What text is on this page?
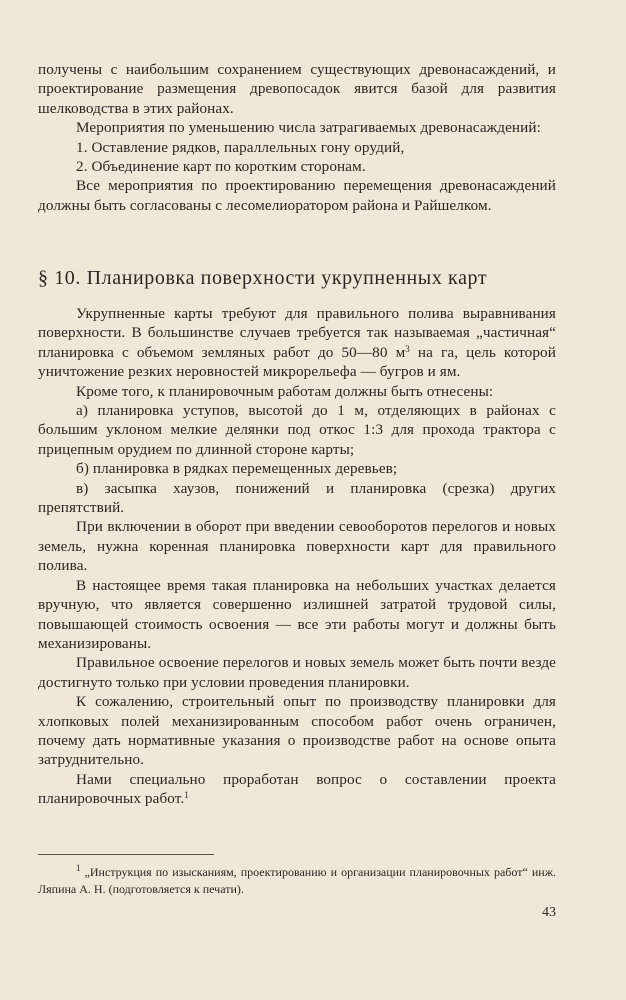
получены с наибольшим сохранением существующих древонасаждений, и проектирование размещения древопосадок явится базой для развития шелководства в этих районах.

Мероприятия по уменьшению числа затрагиваемых древонасаждений:

1. Оставление рядков, параллельных гону орудий,

2. Объединение карт по коротким сторонам.

Все мероприятия по проектированию перемещения древонасаждений должны быть согласованы с лесомелиоратором района и Райшелком.

§ 10. Планировка поверхности укрупненных карт

Укрупненные карты требуют для правильного полива выравнивания поверхности. В большинстве случаев требуется так называемая „частичная“ планировка с объемом земляных работ до 50—80 $м^3$ на га, цель которой уничтожение резких неровностей микрорельефа — бугров и ям.

Кроме того, к планировочным работам должны быть отнесены:

а) планировка уступов, высотой до 1 м, отделяющих в районах с большим уклоном мелкие делянки под откос 1:3 для прохода трактора с прицепным орудием по длинной стороне карты;

б) планировка в рядках перемещенных деревьев;

в) засыпка хаузов, понижений и планировка (срезка) других препятствий.

При включении в оборот при введении севооборотов перелогов и новых земель, нужна коренная планировка поверхности карт для правильного полива.

В настоящее время такая планировка на небольших участках делается вручную, что является совершенно излишней затратой трудовой силы, повышающей стоимость освоения — все эти работы могут и должны быть механизированы.

Правильное освоение перелогов и новых земель может быть почти везде достигнуто только при условии проведения планировки.

К сожалению, строительный опыт по производству планировки для хлопковых полей механизированным способом работ очень ограничен, почему дать нормативные указания о производстве работ на основе опыта затруднительно.

Нами специально проработан вопрос о составлении проекта планировочных работ.$^1$

$^1$ „Инструкция по изысканиям, проектированию и организации планировочных работ“ инж. Ляпина А. Н. (подготовляется к печати).

43
